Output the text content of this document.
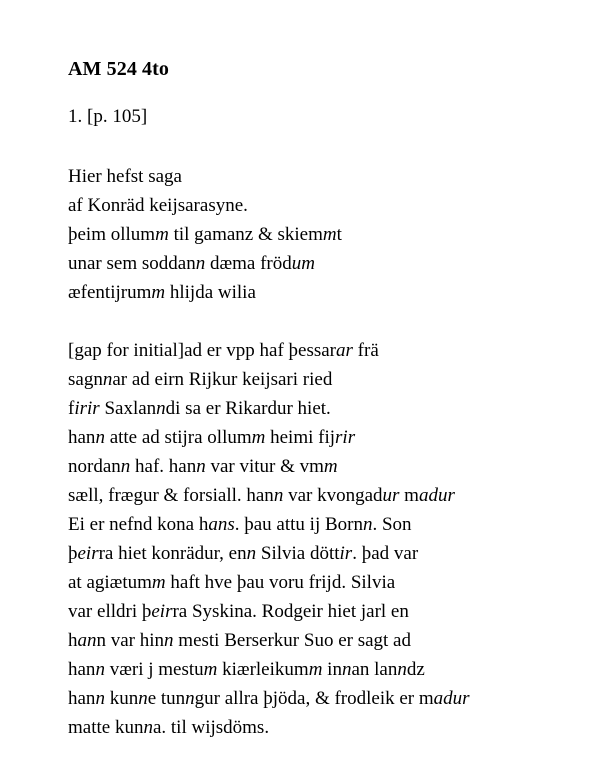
AM 524 4to
1. [p. 105]
Hier hefst saga
af Konräd keijsarasyne.
þeim ollumm til gamanz & skiemmt
unar sem soddann dæma frödum
æfentijrumm hlijda wilia
[gap for initial]ad er vpp haf þessarar frä
sagnnar ad eirn Rijkur keijsari ried
firir Saxlanndi sa er Rikardur hiet.
hann atte ad stijra ollumm heimi fijrir
nordann haf. hann var vitur & vmm
sæll, frægur & forsiall. hann var kvongadur madur
Ei er nefnd kona hans. þau attu ij Bornn. Son
þeirra hiet konrädur, enn Silvia döttir. þad var
at agiætumm haft hve þau voru frijd. Silvia
var elldri þeirra Syskina. Rodgeir hiet jarl en
hann var hinn mesti Berserkur Suo er sagt ad
hann væri j mestum kiærleikumm innan lanndz
hann kunne tunngur allra þjöda, & frodleik er madur
matte kunna. til wijsdöms.
